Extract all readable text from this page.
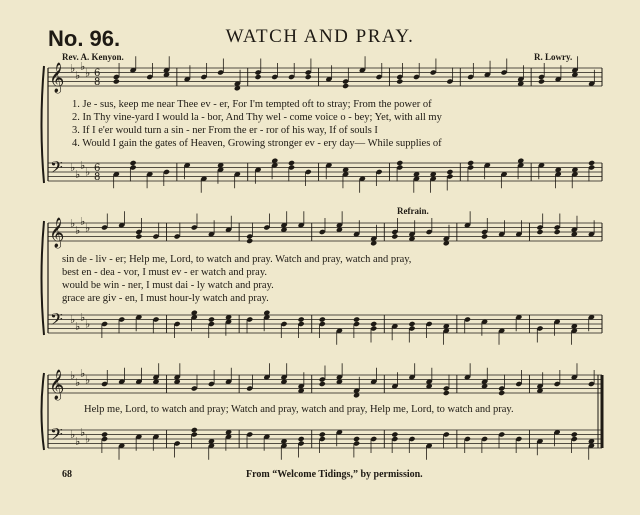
No. 96.	WATCH AND PRAY.
Rev. A. Kenyon.	R. Lowry.
Refrain.
𝄞
𝄢
♭
♭
♭
♭
♭
♭
♭
♭
6
8
6
8
𝄞
𝄢
♭
♭
♭
♭
♭
♭
♭
♭
𝄞
𝄢
♭
♭
♭
♭
♭
♭
♭
♭
1. Je - sus, keep me near Thee ev - er, For I'm tempted oft to stray; From the power of
2. In Thy vine-yard I would la - bor, And Thy wel - come voice o - bey; Yet, with all my
3. If I e'er would turn a sin - ner From the er - ror of his way, If of souls I
4. Would I gain the gates of Heaven, Growing stronger ev - ery day— While supplies of
sin de - liv - er; Help me, Lord, to watch and pray. Watch and pray, watch and pray,
best en - dea - vor, I must ev - er watch and pray.
would be win - ner, I must dai - ly watch and pray.
grace are giv - en, I must hour-ly watch and pray.
Help me, Lord, to watch and pray; Watch and pray, watch and pray, Help me, Lord, to watch and pray.
68	From “Welcome Tidings,” by permission.
